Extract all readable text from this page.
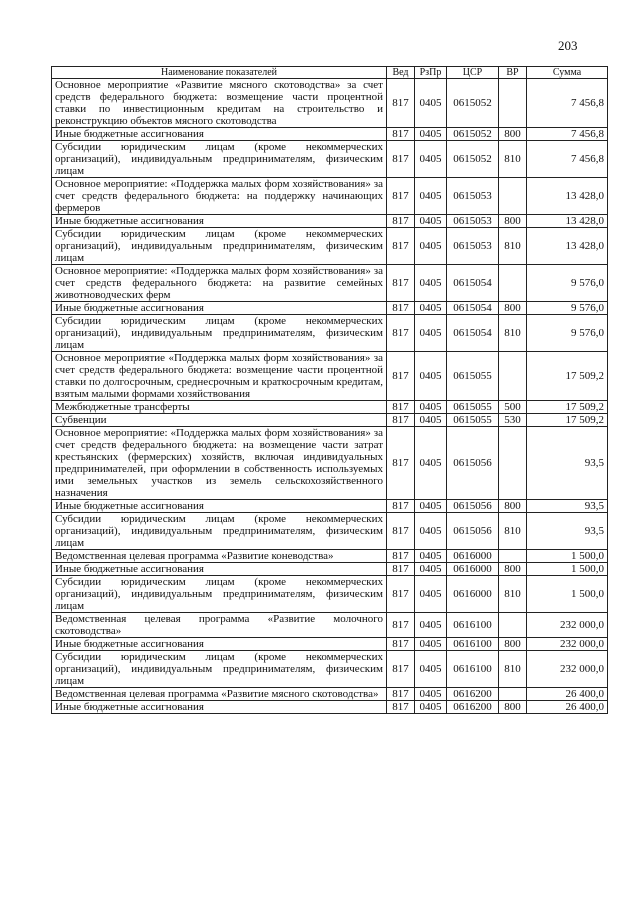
203
Наименование показателей	Вед	РзПр	ЦСР	ВР	Сумма
Основное мероприятие «Развитие мясного скотоводства» за счет средств федерального бюджета: возмещение части процентной ставки по инвестиционным кредитам на строительство и реконструкцию объектов мясного скотоводства	817	0405	0615052		7 456,8
Иные бюджетные ассигнования	817	0405	0615052	800	7 456,8
Субсидии юридическим лицам (кроме некоммерческих организаций), индивидуальным предпринимателям, физическим лицам	817	0405	0615052	810	7 456,8
Основное мероприятие: «Поддержка малых форм хозяйствования» за счет средств федерального бюджета: на поддержку начинающих фермеров	817	0405	0615053		13 428,0
Иные бюджетные ассигнования	817	0405	0615053	800	13 428,0
Субсидии юридическим лицам (кроме некоммерческих организаций), индивидуальным предпринимателям, физическим лицам	817	0405	0615053	810	13 428,0
Основное мероприятие: «Поддержка малых форм хозяйствования» за счет средств федерального бюджета: на развитие семейных животноводческих ферм	817	0405	0615054		9 576,0
Иные бюджетные ассигнования	817	0405	0615054	800	9 576,0
Субсидии юридическим лицам (кроме некоммерческих организаций), индивидуальным предпринимателям, физическим лицам	817	0405	0615054	810	9 576,0
Основное мероприятие «Поддержка малых форм хозяйствования» за счет средств федерального бюджета: возмещение части процентной ставки по долгосрочным, среднесрочным и краткосрочным кредитам, взятым малыми формами хозяйствования	817	0405	0615055		17 509,2
Межбюджетные трансферты	817	0405	0615055	500	17 509,2
Субвенции	817	0405	0615055	530	17 509,2
Основное мероприятие: «Поддержка малых форм хозяйствования» за счет средств федерального бюджета: на возмещение части затрат крестьянских (фермерских) хозяйств, включая индивидуальных предпринимателей, при оформлении в собственность используемых ими земельных участков из земель сельскохозяйственного назначения	817	0405	0615056		93,5
Иные бюджетные ассигнования	817	0405	0615056	800	93,5
Субсидии юридическим лицам (кроме некоммерческих организаций), индивидуальным предпринимателям, физическим лицам	817	0405	0615056	810	93,5
Ведомственная целевая программа «Развитие коневодства»	817	0405	0616000		1 500,0
Иные бюджетные ассигнования	817	0405	0616000	800	1 500,0
Субсидии юридическим лицам (кроме некоммерческих организаций), индивидуальным предпринимателям, физическим лицам	817	0405	0616000	810	1 500,0
Ведомственная целевая программа «Развитие молочного скотоводства»	817	0405	0616100		232 000,0
Иные бюджетные ассигнования	817	0405	0616100	800	232 000,0
Субсидии юридическим лицам (кроме некоммерческих организаций), индивидуальным предпринимателям, физическим лицам	817	0405	0616100	810	232 000,0
Ведомственная целевая программа «Развитие мясного скотоводства»	817	0405	0616200		26 400,0
Иные бюджетные ассигнования	817	0405	0616200	800	26 400,0
